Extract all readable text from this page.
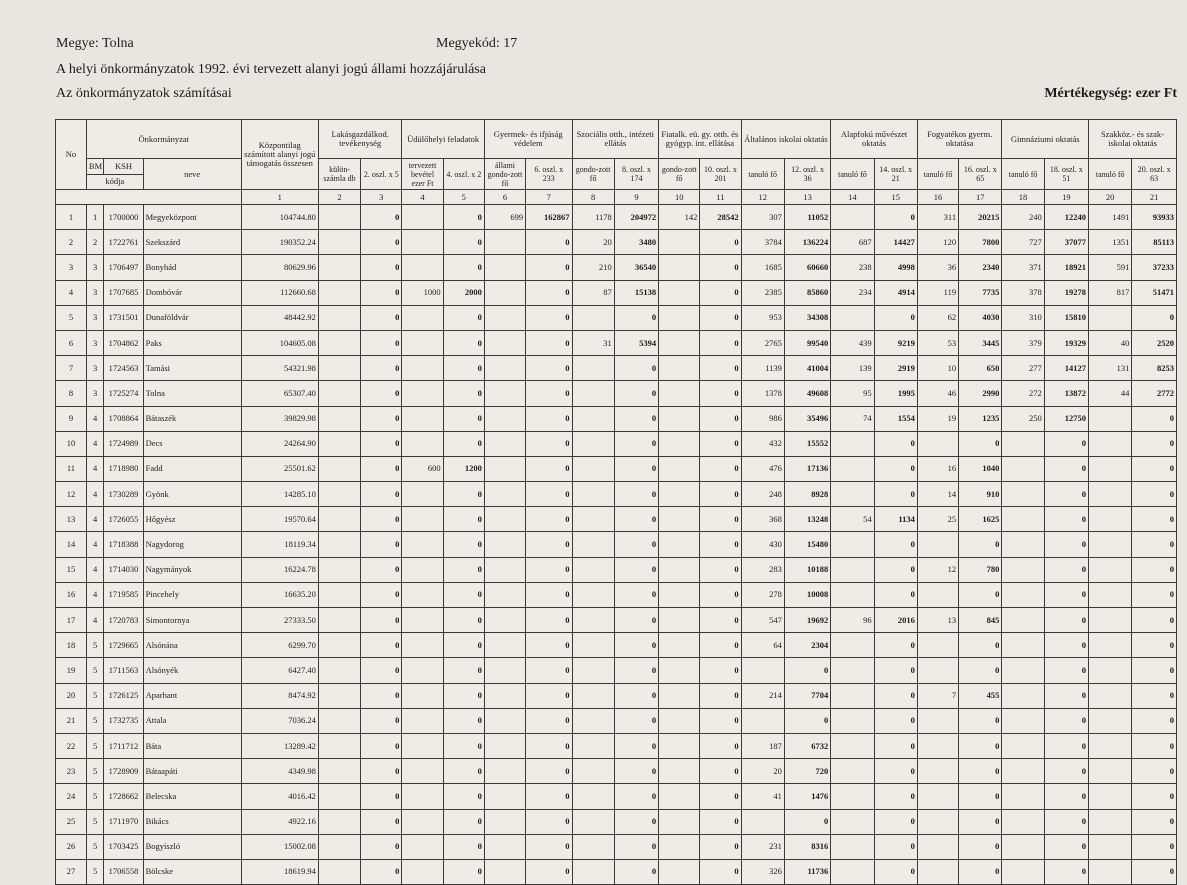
Megye: Tolna	Megyekód: 17
A helyi önkormányzatok 1992. évi tervezett alanyi jogú állami hozzájárulása
Az önkormányzatok számításai	Mértékegység: ezer Ft
No	Önkormányzat			Központilag számított alanyi jogú támogatás összesen	Lakásgazdálkod. tevékenység		Üdülőhelyi feladatok		Gyermek- és ifjúság védelem		Szociális otth., intézeti ellátás		Fiatalk. eü. gy. otth. és gyógyp. int. ellátása		Általános iskolai oktatás		Alapfokú művészet oktatás		Fogyatékos gyerm. oktatása		Gimnáziumi oktatás		Szakköz.- és szak-iskolai oktatás	
	BM	KSH	neve		külön-számla db	2. oszl. x 5	tervezett bevétel ezer Ft	4. oszl. x 2	állami gondo-zott fő	6. oszl. x 233	gondo-zott fő	8. oszl. x 174	gondo-zott fő	10. oszl. x 201	tanuló fő	12. oszl. x 36	tanuló fő	14. oszl. x 21	tanuló fő	16. oszl. x 65	tanuló fő	18. oszl. x 51	tanuló fő	20. oszl. x 63
	kódja																							
				1	2	3	4	5	6	7	8	9	10	11	12	13	14	15	16	17	18	19	20	21
1	1	1700000	Megyeközpont	104744.80		0		0	699	162867	1178	204972	142	28542	307	11052		0	311	20215	240	12240	1491	93933
2	2	1722761	Szekszárd	190352.24		0		0		0	20	3480		0	3784	136224	687	14427	120	7800	727	37077	1351	85113
3	3	1706497	Bonyhád	80629.96		0		0		0	210	36540		0	1685	60660	238	4998	36	2340	371	18921	591	37233
4	3	1707685	Dombóvár	112660.68		0	1000	2000		0	87	15138		0	2385	85860	234	4914	119	7735	378	19278	817	51471
5	3	1731501	Dunaföldvár	48442.92		0		0		0		0		0	953	34308		0	62	4030	310	15810		0
6	3	1704862	Paks	104605.08		0		0		0	31	5394		0	2765	99540	439	9219	53	3445	379	19329	40	2520
7	3	1724563	Tamási	54321.98		0		0		0		0		0	1139	41004	139	2919	10	650	277	14127	131	8253
8	3	1725274	Tolna	65307.40		0		0		0		0		0	1378	49608	95	1995	46	2990	272	13872	44	2772
9	4	1708864	Bátaszék	39829.98		0		0		0		0		0	986	35496	74	1554	19	1235	250	12750		0
10	4	1724989	Decs	24264.90		0		0		0		0		0	432	15552		0		0		0		0
11	4	1718980	Fadd	25501.62		0	600	1200		0		0		0	476	17136		0	16	1040		0		0
12	4	1730289	Gyönk	14285.10		0		0		0		0		0	248	8928		0	14	910		0		0
13	4	1726055	Hőgyész	19570.64		0		0		0		0		0	368	13248	54	1134	25	1625		0		0
14	4	1718388	Nagydorog	18119.34		0		0		0		0		0	430	15480		0		0		0		0
15	4	1714030	Nagymányok	16224.78		0		0		0		0		0	283	10188		0	12	780		0		0
16	4	1719585	Pincehely	16635.20		0		0		0		0		0	278	10008		0		0		0		0
17	4	1720783	Simontornya	27333.50		0		0		0		0		0	547	19692	96	2016	13	845		0		0
18	5	1729665	Alsónána	6299.70		0		0		0		0		0	64	2304		0		0		0		0
19	5	1711563	Alsónyék	6427.40		0		0		0		0		0		0		0		0		0		0
20	5	1726125	Aparhant	8474.92		0		0		0		0		0	214	7704		0	7	455		0		0
21	5	1732735	Attala	7036.24		0		0		0		0		0		0		0		0		0		0
22	5	1711712	Báta	13289.42		0		0		0		0		0	187	6732		0		0		0		0
23	5	1728909	Bátaapáti	4349.98		0		0		0		0		0	20	720		0		0		0		0
24	5	1728662	Belecska	4016.42		0		0		0		0		0	41	1476		0		0		0		0
25	5	1711970	Bikács	4922.16		0		0		0		0		0		0		0		0		0		0
26	5	1703425	Bogyiszló	15002.08		0		0		0		0		0	231	8316		0		0		0		0
27	5	1706558	Bölcske	18619.94		0		0		0		0		0	326	11736		0		0		0		0
